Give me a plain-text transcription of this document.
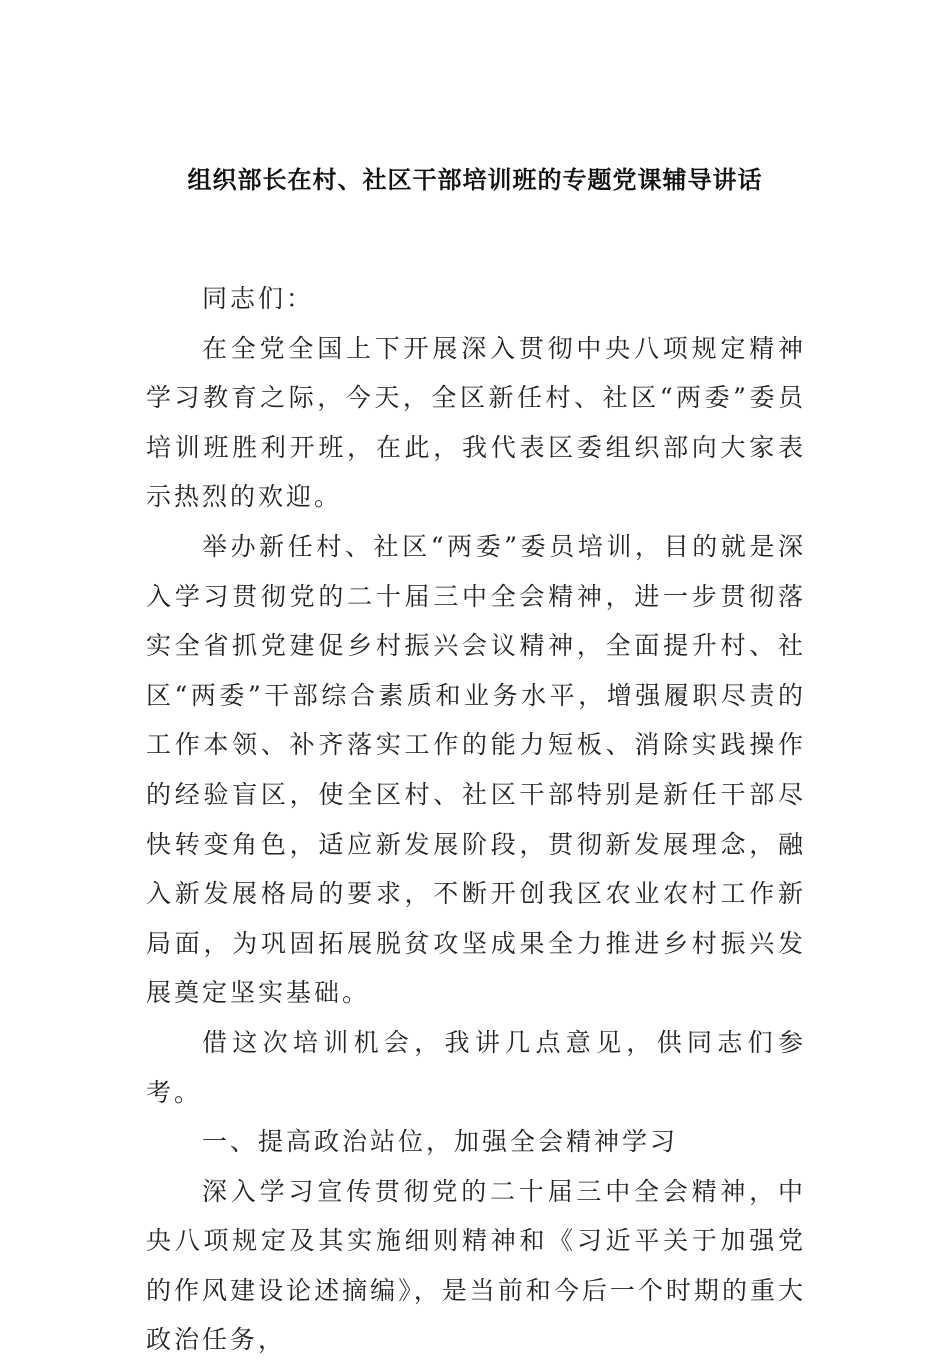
组织部长在村、社区干部培训班的专题党课辅导讲话

同志们：

在全党全国上下开展深入贯彻中央八项规定精神学习教育之际，今天，全区新任村、社区“两委”委员培训班胜利开班，在此，我代表区委组织部向大家表示热烈的欢迎。

举办新任村、社区“两委”委员培训，目的就是深入学习贯彻党的二十届三中全会精神，进一步贯彻落实全省抓党建促乡村振兴会议精神，全面提升村、社区“两委”干部综合素质和业务水平，增强履职尽责的工作本领、补齐落实工作的能力短板、消除实践操作的经验盲区，使全区村、社区干部特别是新任干部尽快转变角色，适应新发展阶段，贯彻新发展理念，融入新发展格局的要求，不断开创我区农业农村工作新局面，为巩固拓展脱贫攻坚成果全力推进乡村振兴发展奠定坚实基础。

借这次培训机会，我讲几点意见，供同志们参考。

一、提高政治站位，加强全会精神学习

深入学习宣传贯彻党的二十届三中全会精神，中央八项规定及其实施细则精神和《习近平关于加强党的作风建设论述摘编》，是当前和今后一个时期的重大政治任务，
